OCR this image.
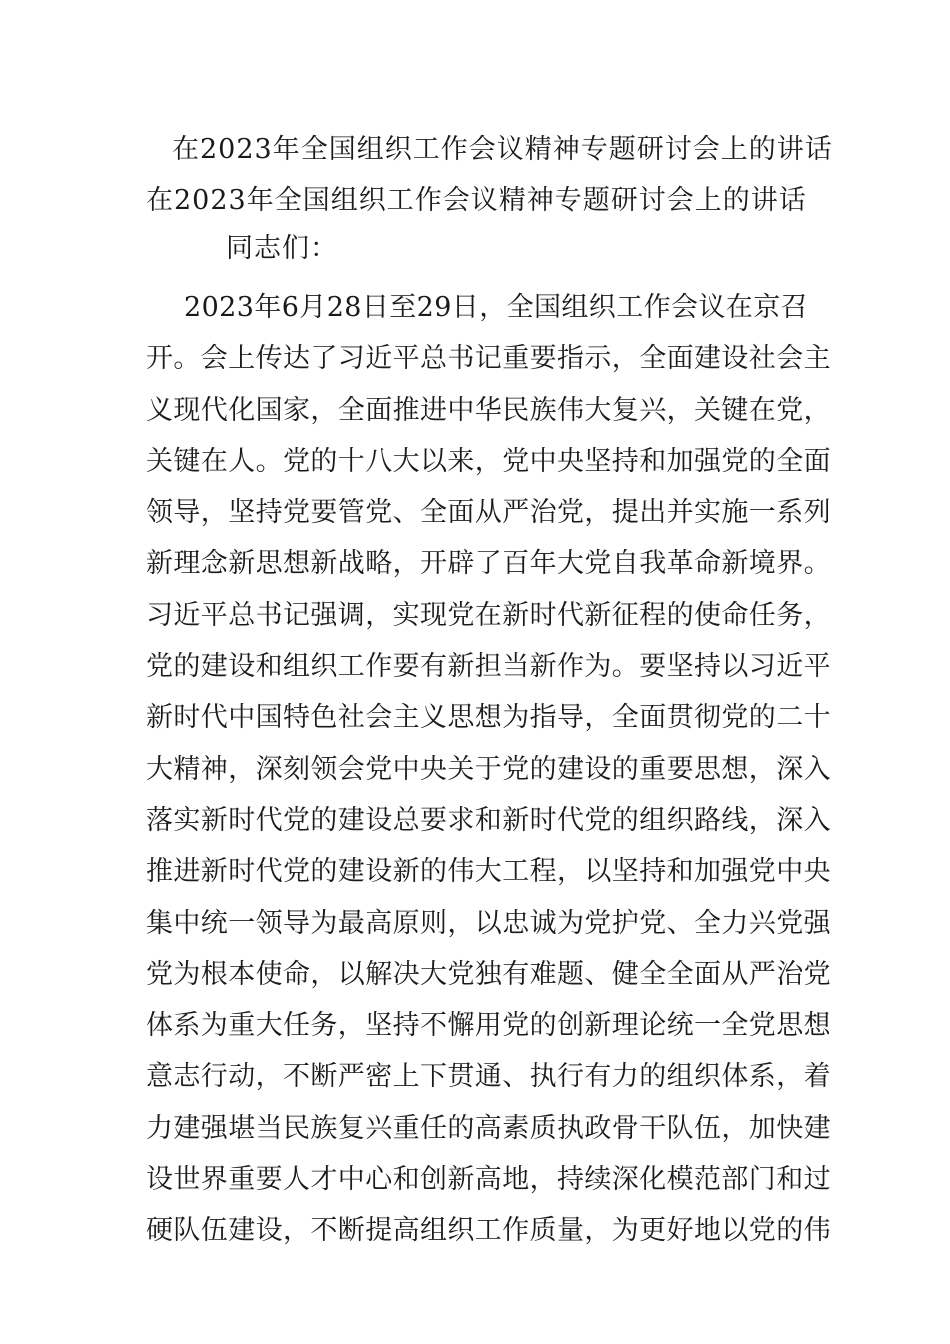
在2023年全国组织工作会议精神专题研讨会上的讲话
在2023年全国组织工作会议精神专题研讨会上的讲话
同志们：
2023年6月28日至29日，全国组织工作会议在京召
开。会上传达了习近平总书记重要指示，全面建设社会主
义现代化国家，全面推进中华民族伟大复兴，关键在党，
关键在人。党的十八大以来，党中央坚持和加强党的全面
领导，坚持党要管党、全面从严治党，提出并实施一系列
新理念新思想新战略，开辟了百年大党自我革命新境界。
习近平总书记强调，实现党在新时代新征程的使命任务，
党的建设和组织工作要有新担当新作为。要坚持以习近平
新时代中国特色社会主义思想为指导，全面贯彻党的二十
大精神，深刻领会党中央关于党的建设的重要思想，深入
落实新时代党的建设总要求和新时代党的组织路线，深入
推进新时代党的建设新的伟大工程，以坚持和加强党中央
集中统一领导为最高原则，以忠诚为党护党、全力兴党强
党为根本使命，以解决大党独有难题、健全全面从严治党
体系为重大任务，坚持不懈用党的创新理论统一全党思想
意志行动，不断严密上下贯通、执行有力的组织体系，着
力建强堪当民族复兴重任的高素质执政骨干队伍，加快建
设世界重要人才中心和创新高地，持续深化模范部门和过
硬队伍建设，不断提高组织工作质量，为更好地以党的伟
